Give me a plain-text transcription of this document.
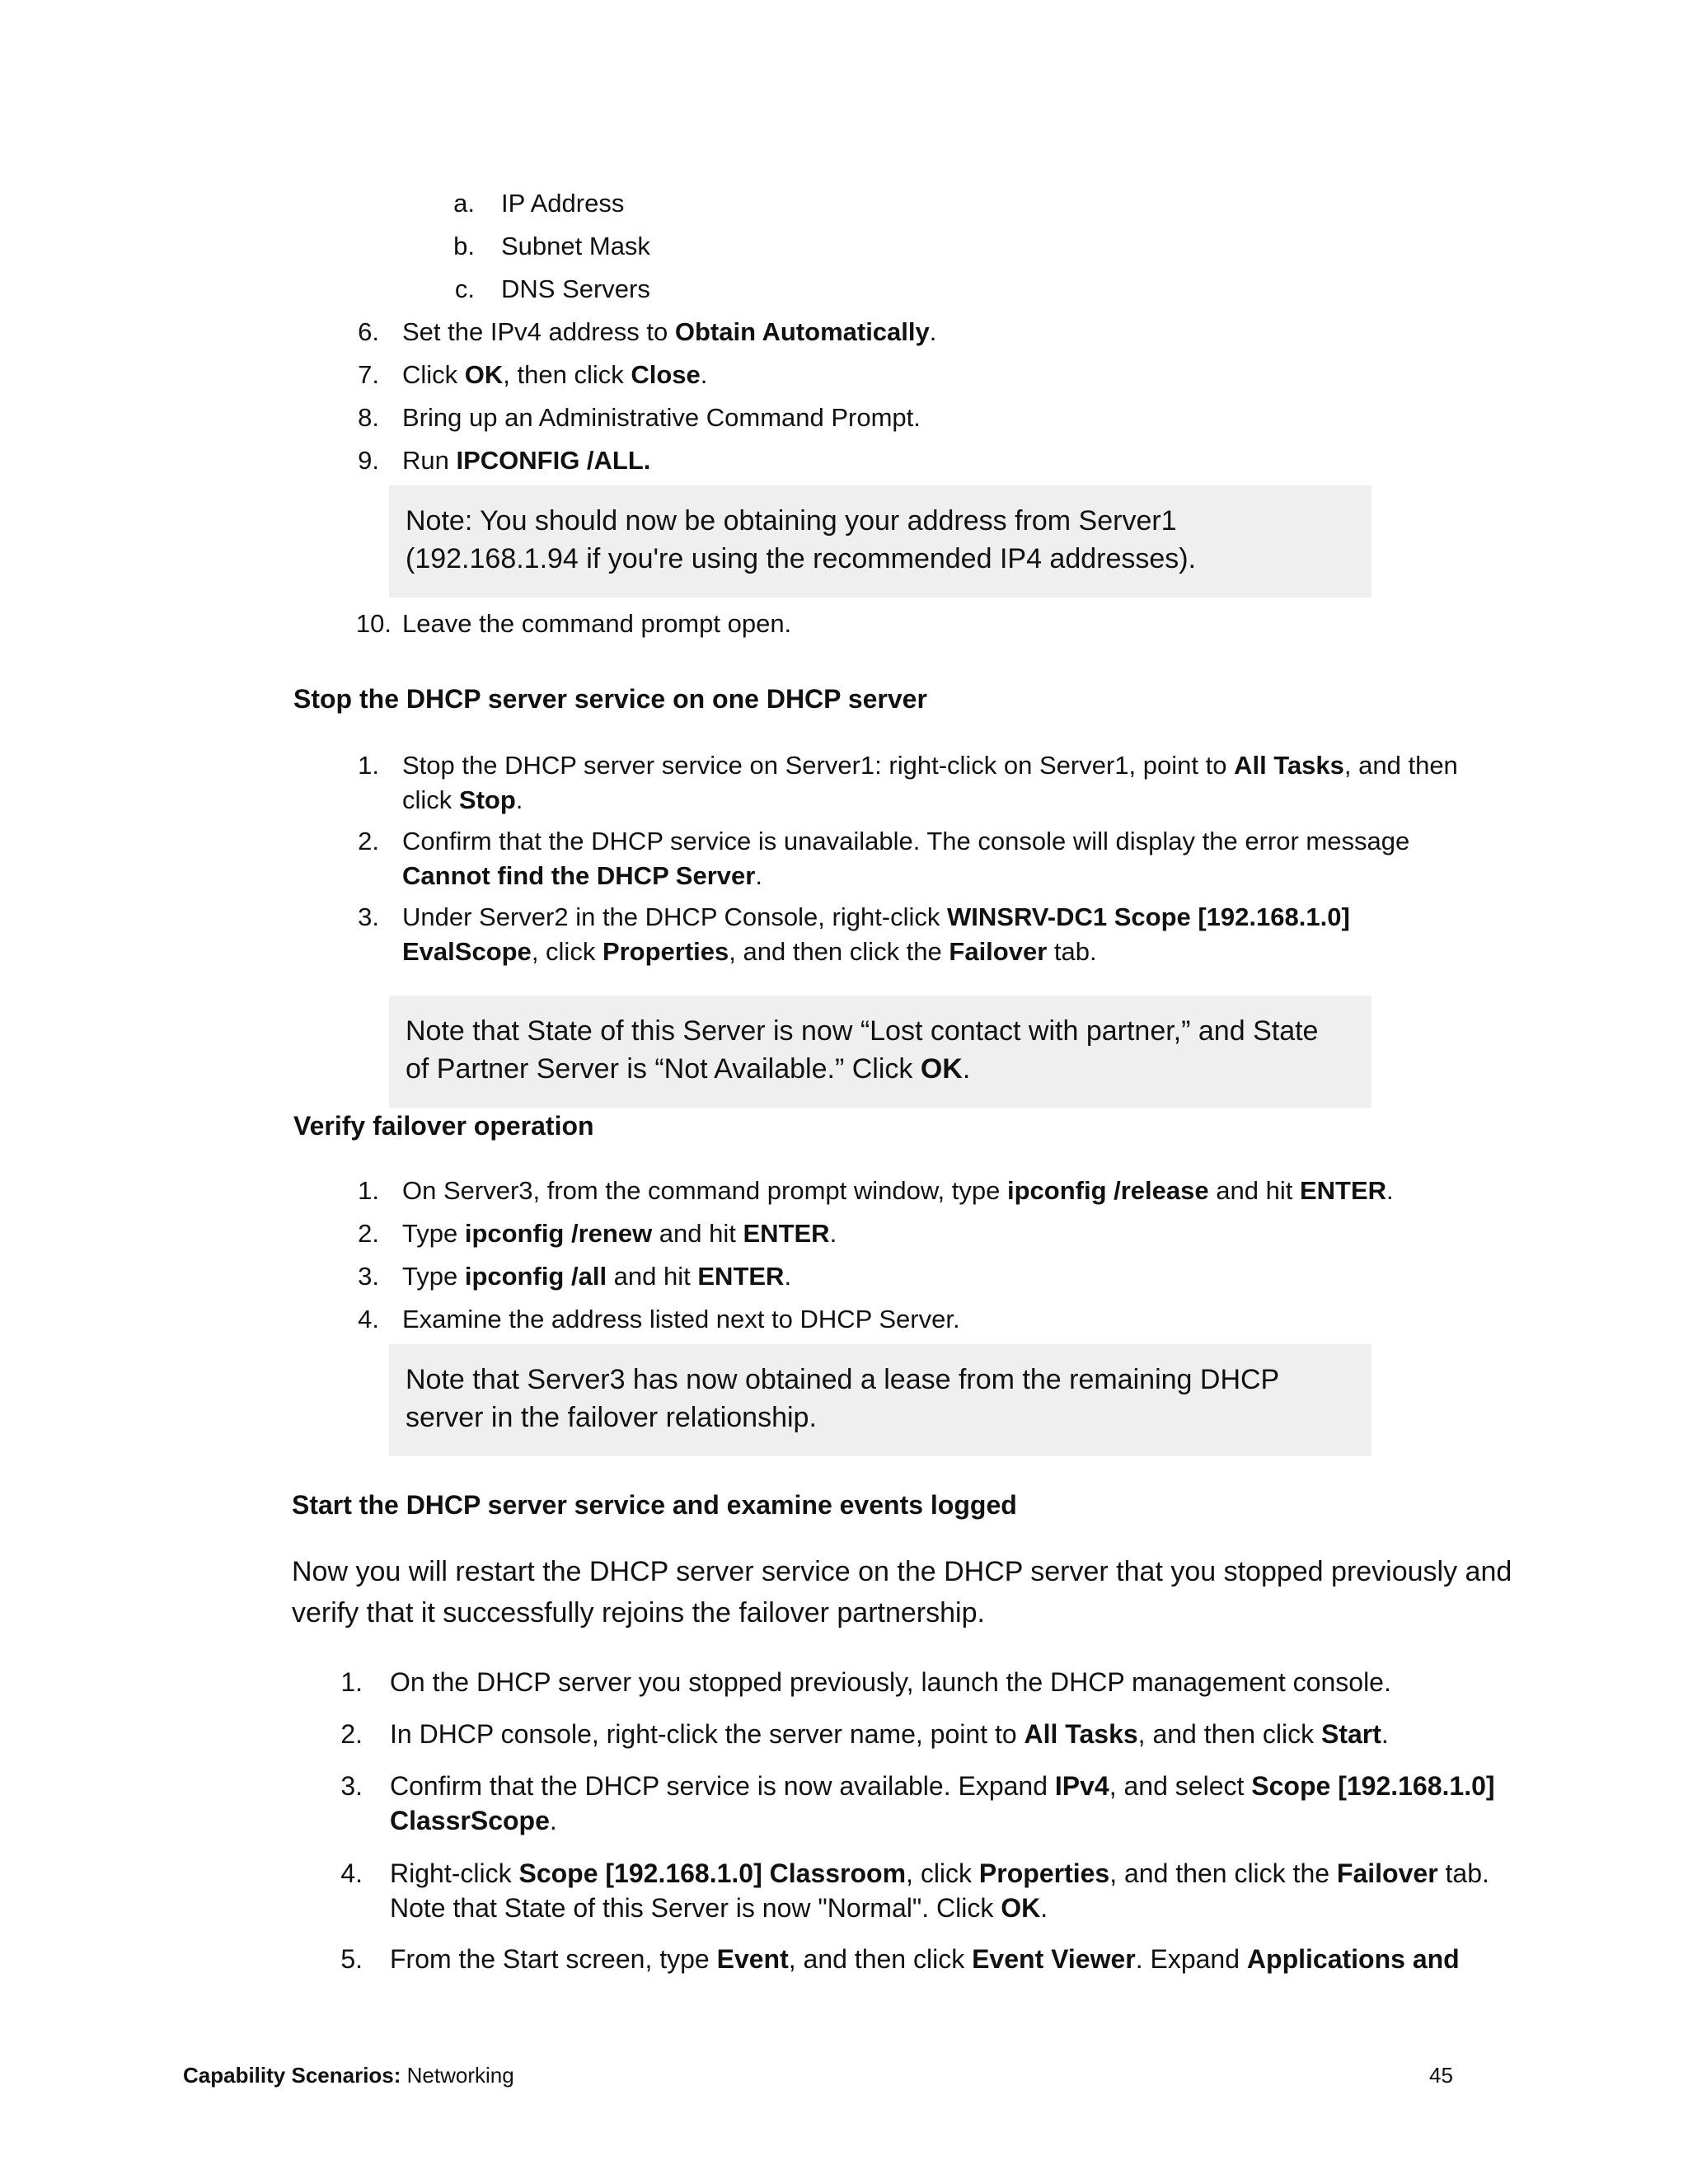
a. IP Address
b. Subnet Mask
c. DNS Servers
6. Set the IPv4 address to Obtain Automatically.
7. Click OK, then click Close.
8. Bring up an Administrative Command Prompt.
9. Run IPCONFIG /ALL.
Note: You should now be obtaining your address from Server1
(192.168.1.94 if you're using the recommended IP4 addresses).
10. Leave the command prompt open.
Stop the DHCP server service on one DHCP server
1. Stop the DHCP server service on Server1: right-click on Server1, point to All Tasks, and then
click Stop.
2. Confirm that the DHCP service is unavailable. The console will display the error message
Cannot find the DHCP Server.
3. Under Server2 in the DHCP Console, right-click WINSRV-DC1 Scope [192.168.1.0]
EvalScope, click Properties, and then click the Failover tab.
Note that State of this Server is now “Lost contact with partner,” and State
of Partner Server is “Not Available.” Click OK.
Verify failover operation
1. On Server3, from the command prompt window, type ipconfig /release and hit ENTER.
2. Type ipconfig /renew and hit ENTER.
3. Type ipconfig /all and hit ENTER.
4. Examine the address listed next to DHCP Server.
Note that Server3 has now obtained a lease from the remaining DHCP
server in the failover relationship.
Start the DHCP server service and examine events logged
Now you will restart the DHCP server service on the DHCP server that you stopped previously and
verify that it successfully rejoins the failover partnership.
1. On the DHCP server you stopped previously, launch the DHCP management console.
2. In DHCP console, right-click the server name, point to All Tasks, and then click Start.
3. Confirm that the DHCP service is now available. Expand IPv4, and select Scope [192.168.1.0]
ClassrScope.
4. Right-click Scope [192.168.1.0] Classroom, click Properties, and then click the Failover tab.
Note that State of this Server is now "Normal". Click OK.
5. From the Start screen, type Event, and then click Event Viewer. Expand Applications and
Capability Scenarios: Networking	45
